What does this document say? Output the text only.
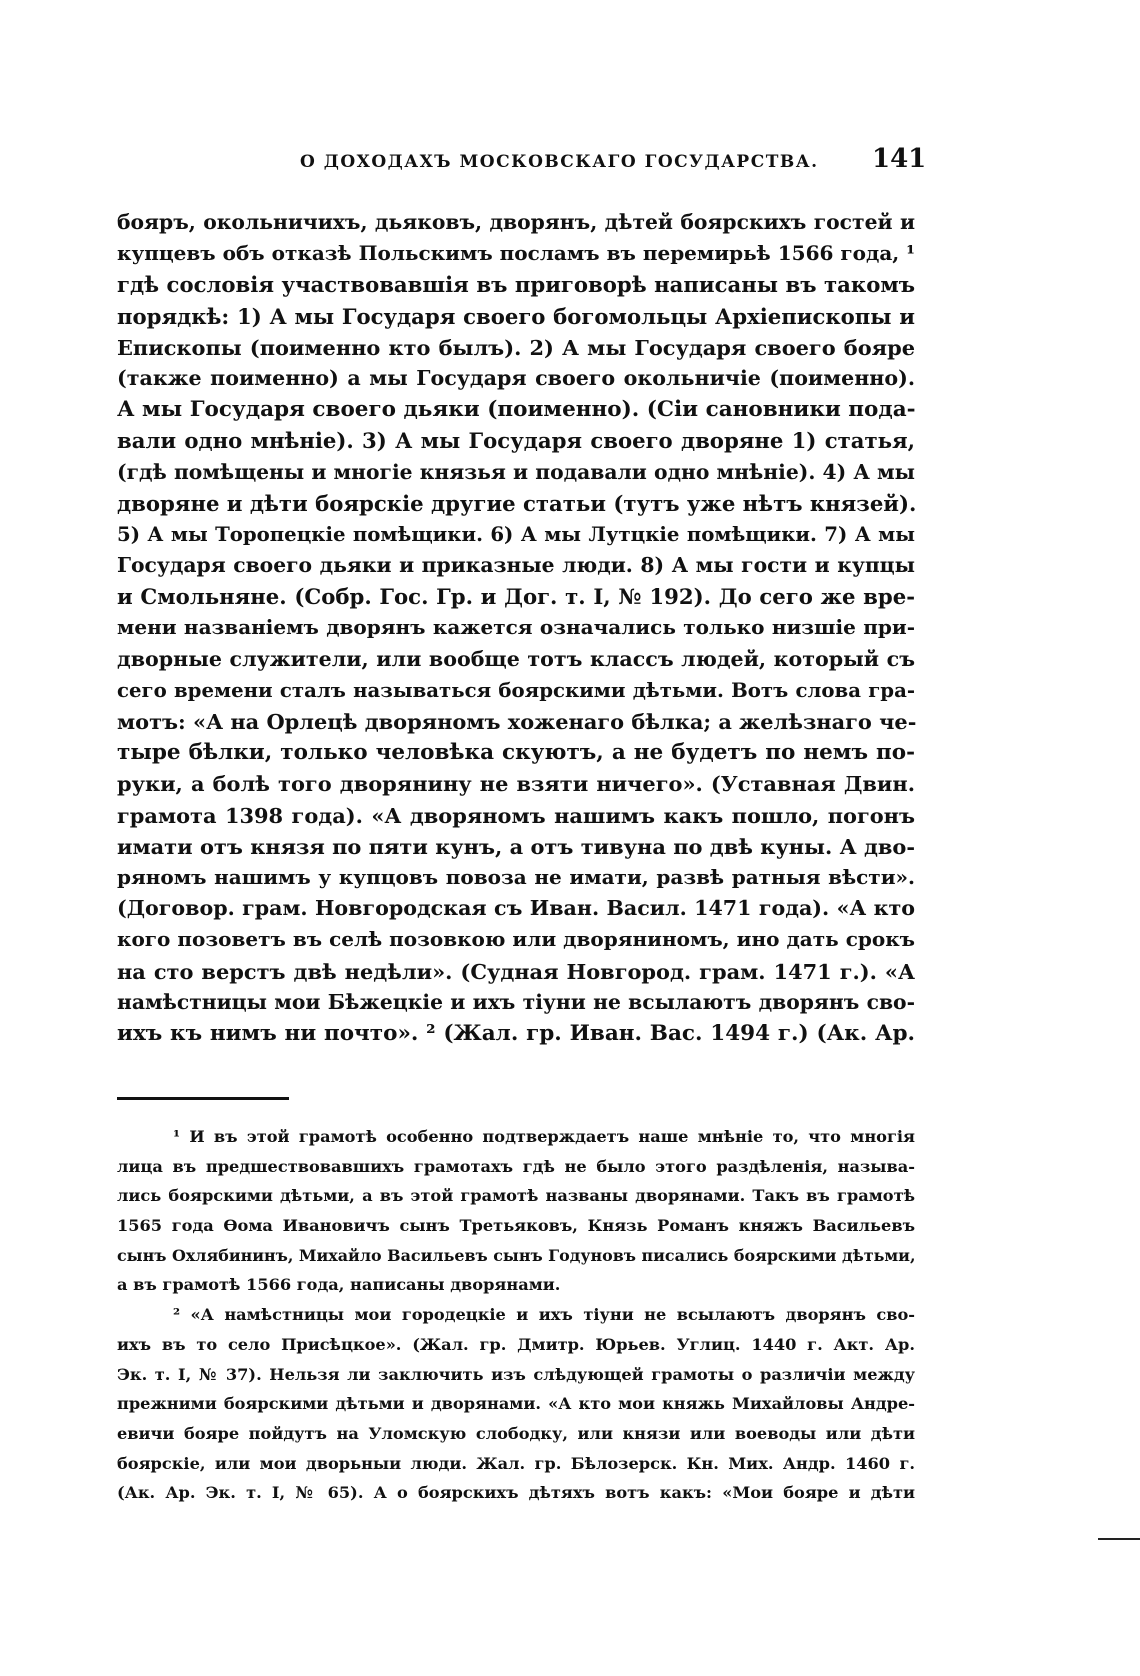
О ДОХОДАХЪ МОСКОВСКАГО ГОСУДАРСТВА. 141
бояръ, окольничихъ, дьяковъ, дворянъ, дѣтей боярскихъ гостей и
купцевъ объ отказѣ Польскимъ посламъ въ перемирьѣ 1566 года, ¹
гдѣ сословія участвовавшія въ приговорѣ написаны въ такомъ
порядкѣ: 1) А мы Государя своего богомольцы Архіепископы и
Епископы (поименно кто былъ). 2) А мы Государя своего бояре
(также поименно) а мы Государя своего окольничіе (поименно).
А мы Государя своего дьяки (поименно). (Сіи сановники пода-
вали одно мнѣніе). 3) А мы Государя своего дворяне 1) статья,
(гдѣ помѣщены и многіе князья и подавали одно мнѣніе). 4) А мы
дворяне и дѣти боярскіе другие статьи (тутъ уже нѣтъ князей).
5) А мы Торопецкіе помѣщики. 6) А мы Лутцкіе помѣщики. 7) А мы
Государя своего дьяки и приказные люди. 8) А мы гости и купцы
и Смольняне. (Собр. Гос. Гр. и Дог. т. I, № 192). До сего же вре-
мени названіемъ дворянъ кажется означались только низшіе при-
дворные служители, или вообще тотъ классъ людей, который съ
сего времени сталъ называться боярскими дѣтьми. Вотъ слова гра-
мотъ: «А на Орлецѣ дворяномъ хоженаго бѣлка; а желѣзнаго че-
тыре бѣлки, только человѣка скуютъ, а не будетъ по немъ по-
руки, а болѣ того дворянину не взяти ничего». (Уставная Двин.
грамота 1398 года). «А дворяномъ нашимъ какъ пошло, погонъ
имати отъ князя по пяти кунъ, а отъ тивуна по двѣ куны. А дво-
ряномъ нашимъ у купцовъ повоза не имати, развѣ ратныя вѣсти».
(Договор. грам. Новгородская съ Иван. Васил. 1471 года). «А кто
кого позоветъ въ селѣ позовкою или дворяниномъ, ино дать срокъ
на сто верстъ двѣ недѣли». (Судная Новгород. грам. 1471 г.). «А
намѣстницы мои Бѣжецкіе и ихъ тіуни не всылаютъ дворянъ сво-
ихъ къ нимъ ни почто». ² (Жал. гр. Иван. Вас. 1494 г.) (Ак. Ар.
¹ И въ этой грамотѣ особенно подтверждаетъ наше мнѣніе то, что многія
лица въ предшествовавшихъ грамотахъ гдѣ не было этого раздѣленія, называ-
лись боярскими дѣтьми, а въ этой грамотѣ названы дворянами. Такъ въ грамотѣ
1565 года Ѳома Ивановичъ сынъ Третьяковъ, Князь Романъ княжъ Васильевъ
сынъ Охлябининъ, Михайло Васильевъ сынъ Годуновъ писались боярскими дѣтьми,
а въ грамотѣ 1566 года, написаны дворянами.
² «А намѣстницы мои городецкіе и ихъ тіуни не всылаютъ дворянъ сво-
ихъ въ то село Присѣцкое». (Жал. гр. Дмитр. Юрьев. Углиц. 1440 г. Акт. Ар.
Эк. т. I, № 37). Нельзя ли заключить изъ слѣдующей грамоты о различіи между
прежними боярскими дѣтьми и дворянами. «А кто мои княжь Михайловы Андре-
евичи бояре пойдутъ на Уломскую слободку, или князи или воеводы или дѣти
боярскіе, или мои дворьныи люди. Жал. гр. Бѣлозерск. Кн. Мих. Андр. 1460 г.
(Ак. Ар. Эк. т. I, № 65). А о боярскихъ дѣтяхъ вотъ какъ: «Мои бояре и дѣти
